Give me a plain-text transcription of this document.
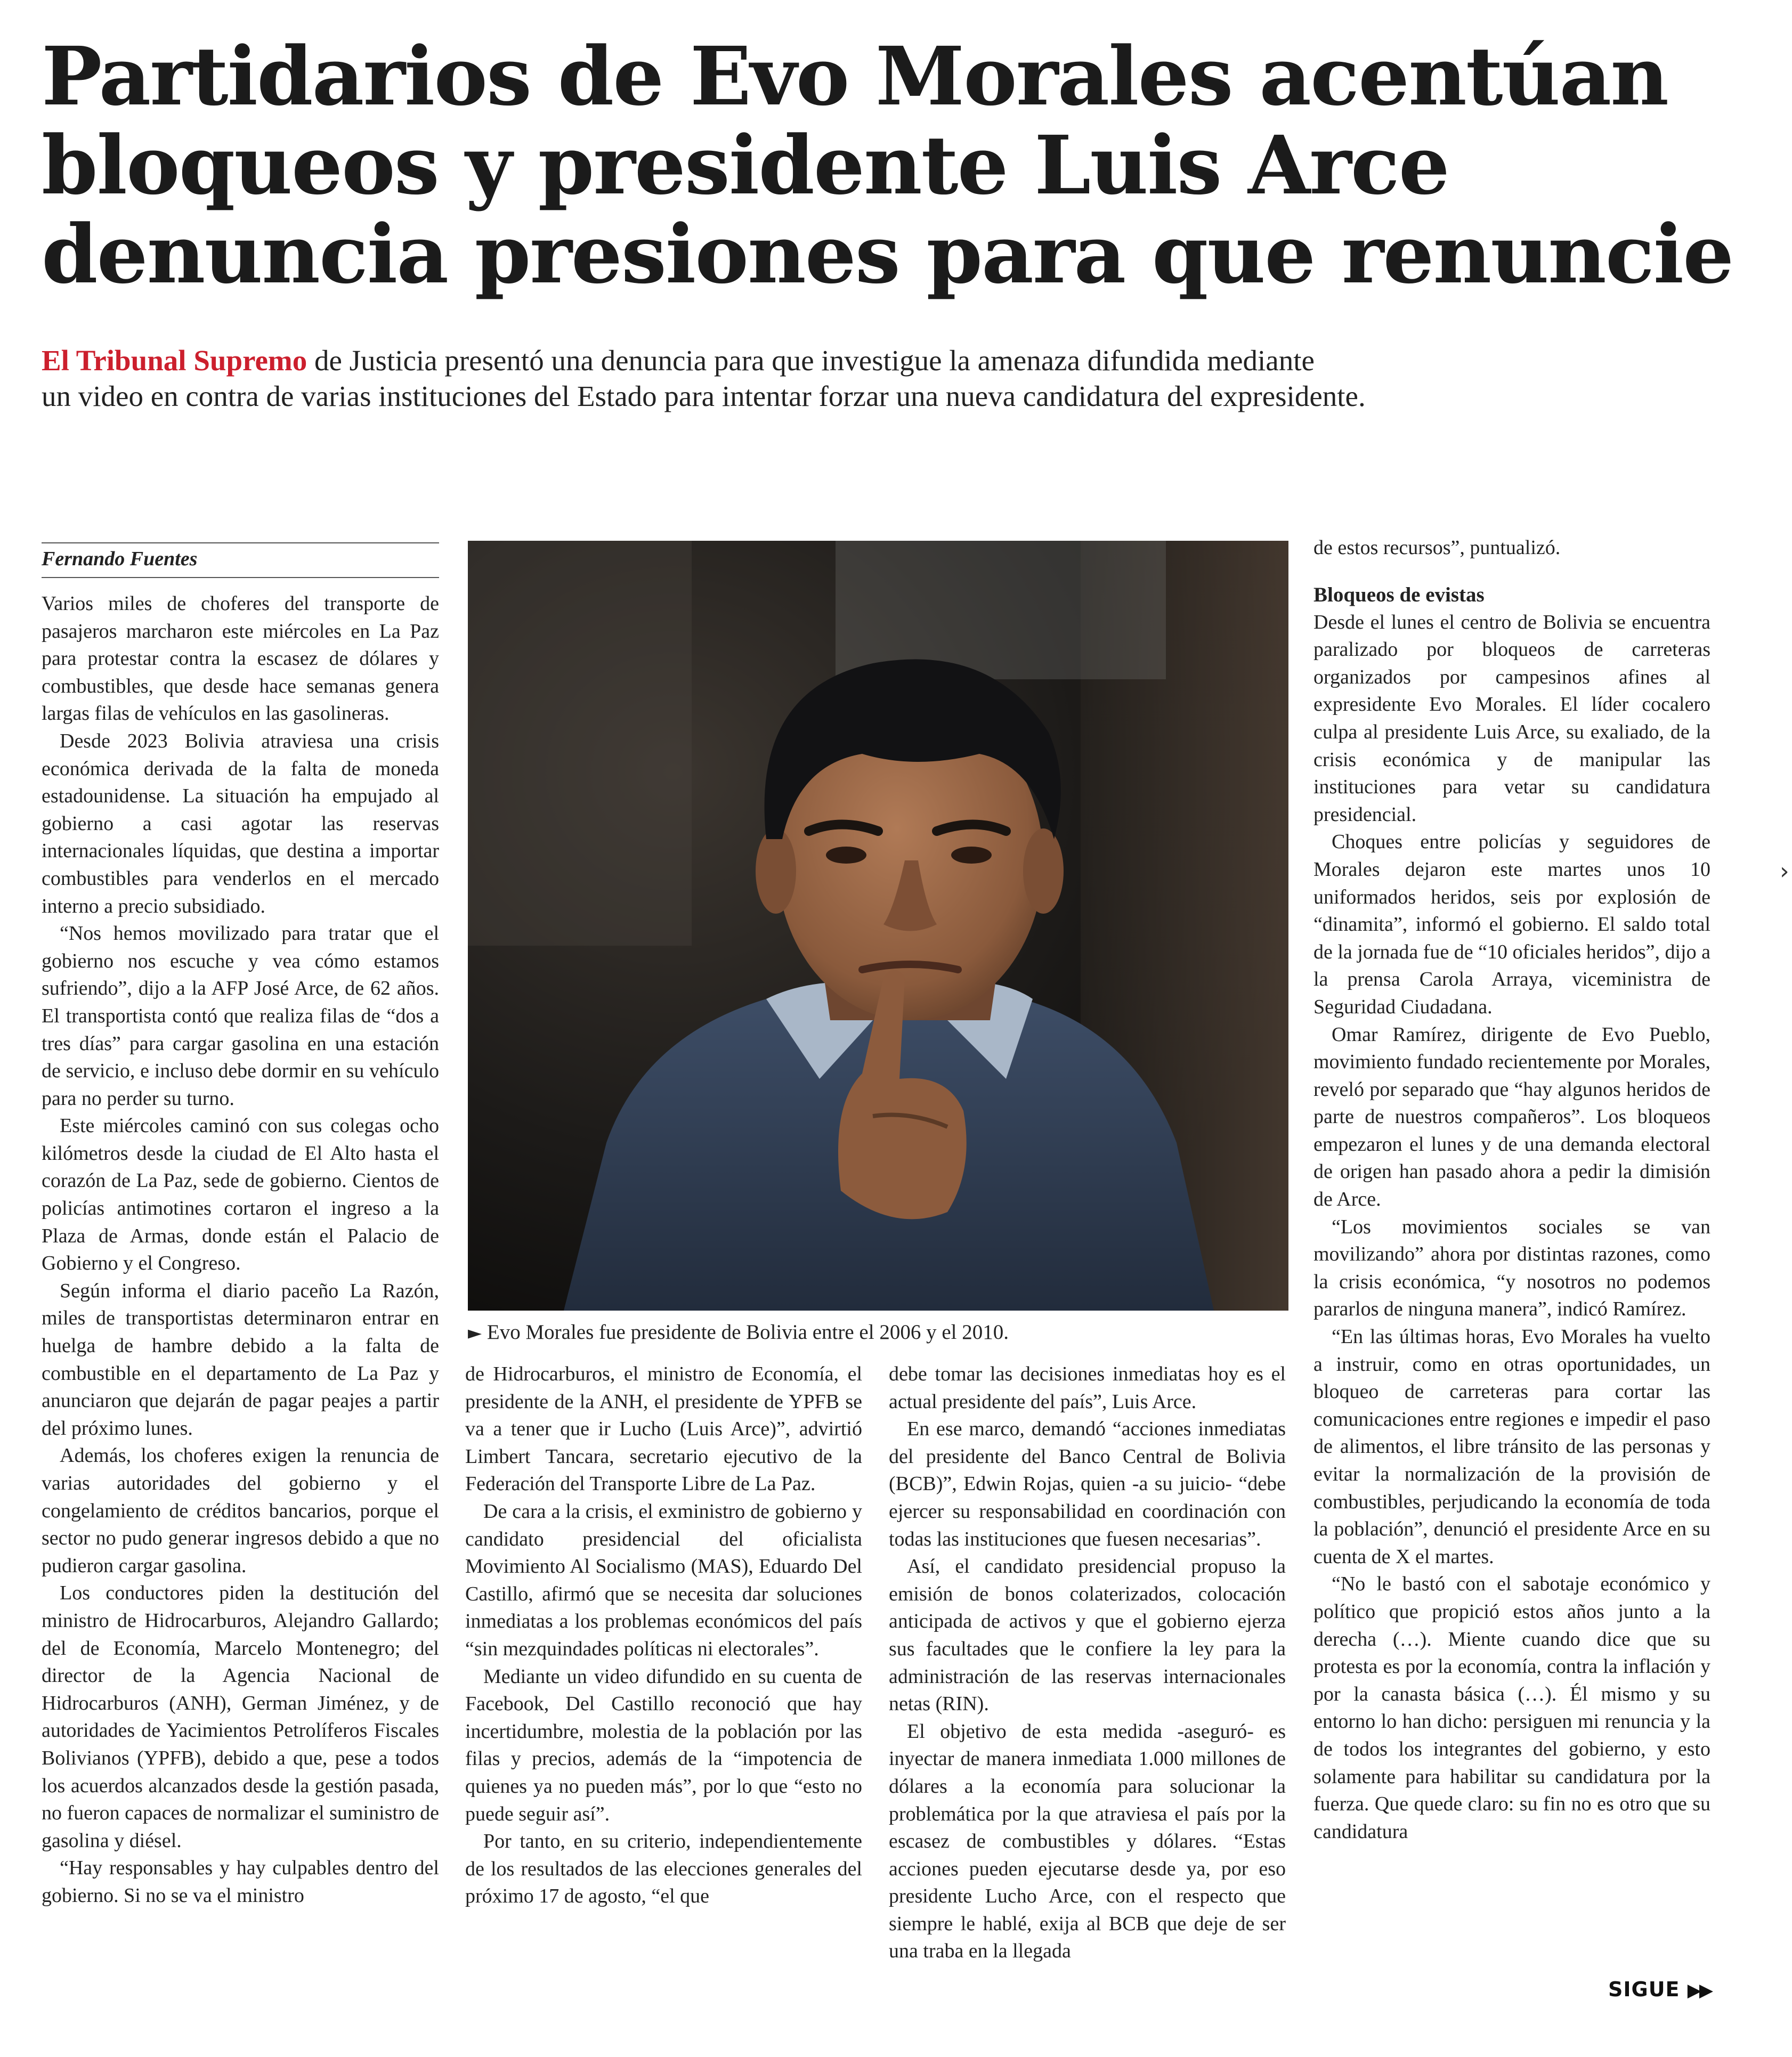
Partidarios de Evo Morales acentúan
bloqueos y presidente Luis Arce
denuncia presiones para que renuncie
El Tribunal Supremo de Justicia presentó una denuncia para que investigue la amenaza difundida mediante
un video en contra de varias instituciones del Estado para intentar forzar una nueva candidatura del expresidente.
Fernando Fuentes

Varios miles de choferes del transporte de pasajeros marcharon este miércoles en La Paz para protestar contra la escasez de dólares y combustibles, que desde hace semanas genera largas filas de vehículos en las gasolineras.

Desde 2023 Bolivia atraviesa una crisis económica derivada de la falta de moneda estadounidense. La situación ha empujado al gobierno a casi agotar las reservas internacionales líquidas, que destina a importar combustibles para venderlos en el mercado interno a precio subsidiado.

“Nos hemos movilizado para tratar que el gobierno nos escuche y vea cómo estamos sufriendo”, dijo a la AFP José Arce, de 62 años. El transportista contó que realiza filas de “dos a tres días” para cargar gasolina en una estación de servicio, e incluso debe dormir en su vehículo para no perder su turno.

Este miércoles caminó con sus colegas ocho kilómetros desde la ciudad de El Alto hasta el corazón de La Paz, sede de gobierno. Cientos de policías antimotines cortaron el ingreso a la Plaza de Armas, donde están el Palacio de Gobierno y el Congreso.

Según informa el diario paceño La Razón, miles de transportistas determinaron entrar en huelga de hambre debido a la falta de combustible en el departamento de La Paz y anunciaron que dejarán de pagar peajes a partir del próximo lunes.

Además, los choferes exigen la renuncia de varias autoridades del gobierno y el congelamiento de créditos bancarios, porque el sector no pudo generar ingresos debido a que no pudieron cargar gasolina.

Los conductores piden la destitución del ministro de Hidrocarburos, Alejandro Gallardo; del de Economía, Marcelo Montenegro; del director de la Agencia Nacional de Hidrocarburos (ANH), German Jiménez, y de autoridades de Yacimientos Petrolíferos Fiscales Bolivianos (YPFB), debido a que, pese a todos los acuerdos alcanzados desde la gestión pasada, no fueron capaces de normalizar el suministro de gasolina y diésel.

“Hay responsables y hay culpables dentro del gobierno. Si no se va el ministro

► Evo Morales fue presidente de Bolivia entre el 2006 y el 2010.

de Hidrocarburos, el ministro de Economía, el presidente de la ANH, el presidente de YPFB se va a tener que ir Lucho (Luis Arce)”, advirtió Limbert Tancara, secretario ejecutivo de la Federación del Transporte Libre de La Paz.

De cara a la crisis, el exministro de gobierno y candidato presidencial del oficialista Movimiento Al Socialismo (MAS), Eduardo Del Castillo, afirmó que se necesita dar soluciones inmediatas a los problemas económicos del país “sin mezquindades políticas ni electorales”.

Mediante un video difundido en su cuenta de Facebook, Del Castillo reconoció que hay incertidumbre, molestia de la población por las filas y precios, además de la “impotencia de quienes ya no pueden más”, por lo que “esto no puede seguir así”.

Por tanto, en su criterio, independientemente de los resultados de las elecciones generales del próximo 17 de agosto, “el que

debe tomar las decisiones inmediatas hoy es el actual presidente del país”, Luis Arce.

En ese marco, demandó “acciones inmediatas del presidente del Banco Central de Bolivia (BCB)”, Edwin Rojas, quien -a su juicio- “debe ejercer su responsabilidad en coordinación con todas las instituciones que fuesen necesarias”.

Así, el candidato presidencial propuso la emisión de bonos colaterizados, colocación anticipada de activos y que el gobierno ejerza sus facultades que le confiere la ley para la administración de las reservas internacionales netas (RIN).

El objetivo de esta medida -aseguró- es inyectar de manera inmediata 1.000 millones de dólares a la economía para solucionar la problemática por la que atraviesa el país por la escasez de combustibles y dólares. “Estas acciones pueden ejecutarse desde ya, por eso presidente Lucho Arce, con el respecto que siempre le hablé, exija al BCB que deje de ser una traba en la llegada

de estos recursos”, puntualizó.

Bloqueos de evistas

Desde el lunes el centro de Bolivia se encuentra paralizado por bloqueos de carreteras organizados por campesinos afines al expresidente Evo Morales. El líder cocalero culpa al presidente Luis Arce, su exaliado, de la crisis económica y de manipular las instituciones para vetar su candidatura presidencial.

Choques entre policías y seguidores de Morales dejaron este martes unos 10 uniformados heridos, seis por explosión de “dinamita”, informó el gobierno. El saldo total de la jornada fue de “10 oficiales heridos”, dijo a la prensa Carola Arraya, viceministra de Seguridad Ciudadana.

Omar Ramírez, dirigente de Evo Pueblo, movimiento fundado recientemente por Morales, reveló por separado que “hay algunos heridos de parte de nuestros compañeros”. Los bloqueos empezaron el lunes y de una demanda electoral de origen han pasado ahora a pedir la dimisión de Arce.

“Los movimientos sociales se van movilizando” ahora por distintas razones, como la crisis económica, “y nosotros no podemos pararlos de ninguna manera”, indicó Ramírez.

“En las últimas horas, Evo Morales ha vuelto a instruir, como en otras oportunidades, un bloqueo de carreteras para cortar las comunicaciones entre regiones e impedir el paso de alimentos, el libre tránsito de las personas y evitar la normalización de la provisión de combustibles, perjudicando la economía de toda la población”, denunció el presidente Arce en su cuenta de X el martes.

“No le bastó con el sabotaje económico y político que propició estos años junto a la derecha (…). Miente cuando dice que su protesta es por la economía, contra la inflación y por la canasta básica (…). Él mismo y su entorno lo han dicho: persiguen mi renuncia y la de todos los integrantes del gobierno, y esto solamente para habilitar su candidatura por la fuerza. Que quede claro: su fin no es otro que su candidatura

SIGUE ▶▶
›
